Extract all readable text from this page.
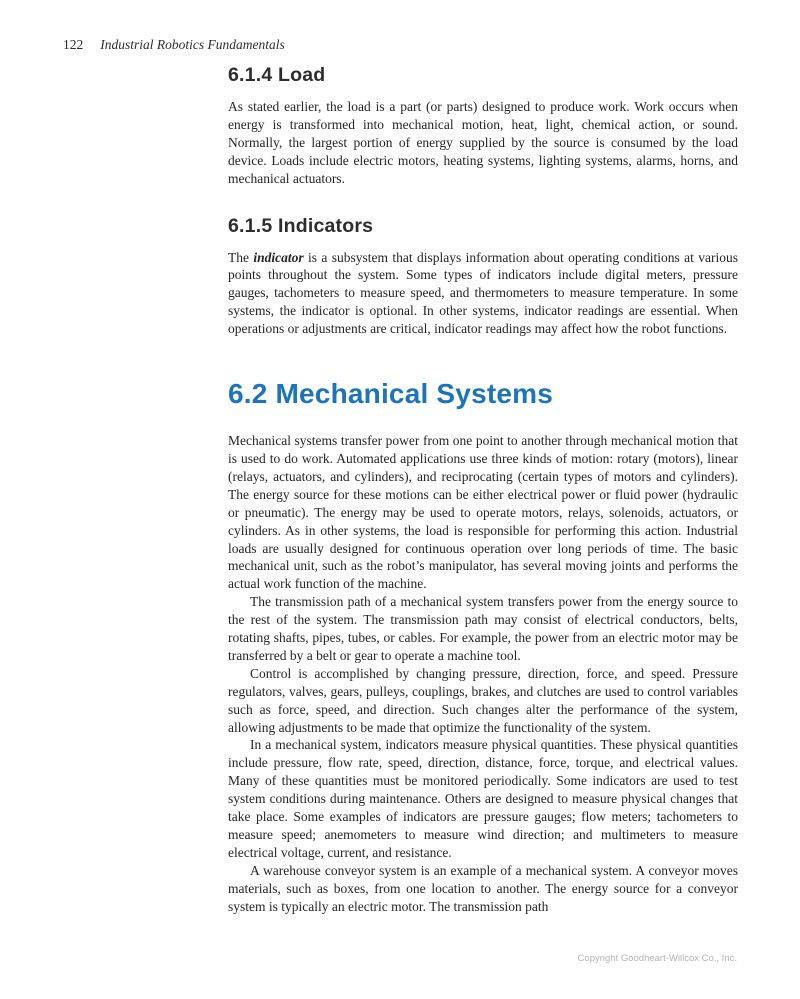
122 Industrial Robotics Fundamentals
6.1.4 Load

As stated earlier, the load is a part (or parts) designed to produce work. Work occurs when energy is transformed into mechanical motion, heat, light, chemical action, or sound. Normally, the largest portion of energy supplied by the source is consumed by the load device. Loads include electric motors, heating systems, lighting systems, alarms, horns, and mechanical actuators.

6.1.5 Indicators

The indicator is a subsystem that displays information about operating conditions at various points throughout the system. Some types of indicators include digital meters, pressure gauges, tachometers to measure speed, and thermometers to measure temperature. In some systems, the indicator is optional. In other systems, indicator readings are essential. When operations or adjustments are critical, indicator readings may affect how the robot functions.

6.2 Mechanical Systems

Mechanical systems transfer power from one point to another through mechanical motion that is used to do work. Automated applications use three kinds of motion: rotary (motors), linear (relays, actuators, and cylinders), and reciprocating (certain types of motors and cylinders). The energy source for these motions can be either electrical power or fluid power (hydraulic or pneumatic). The energy may be used to operate motors, relays, solenoids, actuators, or cylinders. As in other systems, the load is responsible for performing this action. Industrial loads are usually designed for continuous operation over long periods of time. The basic mechanical unit, such as the robot’s manipulator, has several moving joints and performs the actual work function of the machine.

The transmission path of a mechanical system transfers power from the energy source to the rest of the system. The transmission path may consist of electrical conductors, belts, rotating shafts, pipes, tubes, or cables. For example, the power from an electric motor may be transferred by a belt or gear to operate a machine tool.

Control is accomplished by changing pressure, direction, force, and speed. Pressure regulators, valves, gears, pulleys, couplings, brakes, and clutches are used to control variables such as force, speed, and direction. Such changes alter the performance of the system, allowing adjustments to be made that optimize the functionality of the system.

In a mechanical system, indicators measure physical quantities. These physical quantities include pressure, flow rate, speed, direction, distance, force, torque, and electrical values. Many of these quantities must be monitored periodically. Some indicators are used to test system conditions during maintenance. Others are designed to measure physical changes that take place. Some examples of indicators are pressure gauges; flow meters; tachometers to measure speed; anemometers to measure wind direction; and multimeters to measure electrical voltage, current, and resistance.

A warehouse conveyor system is an example of a mechanical system. A conveyor moves materials, such as boxes, from one location to another. The energy source for a conveyor system is typically an electric motor. The transmission path

Copyright Goodheart-Willcox Co., Inc.
